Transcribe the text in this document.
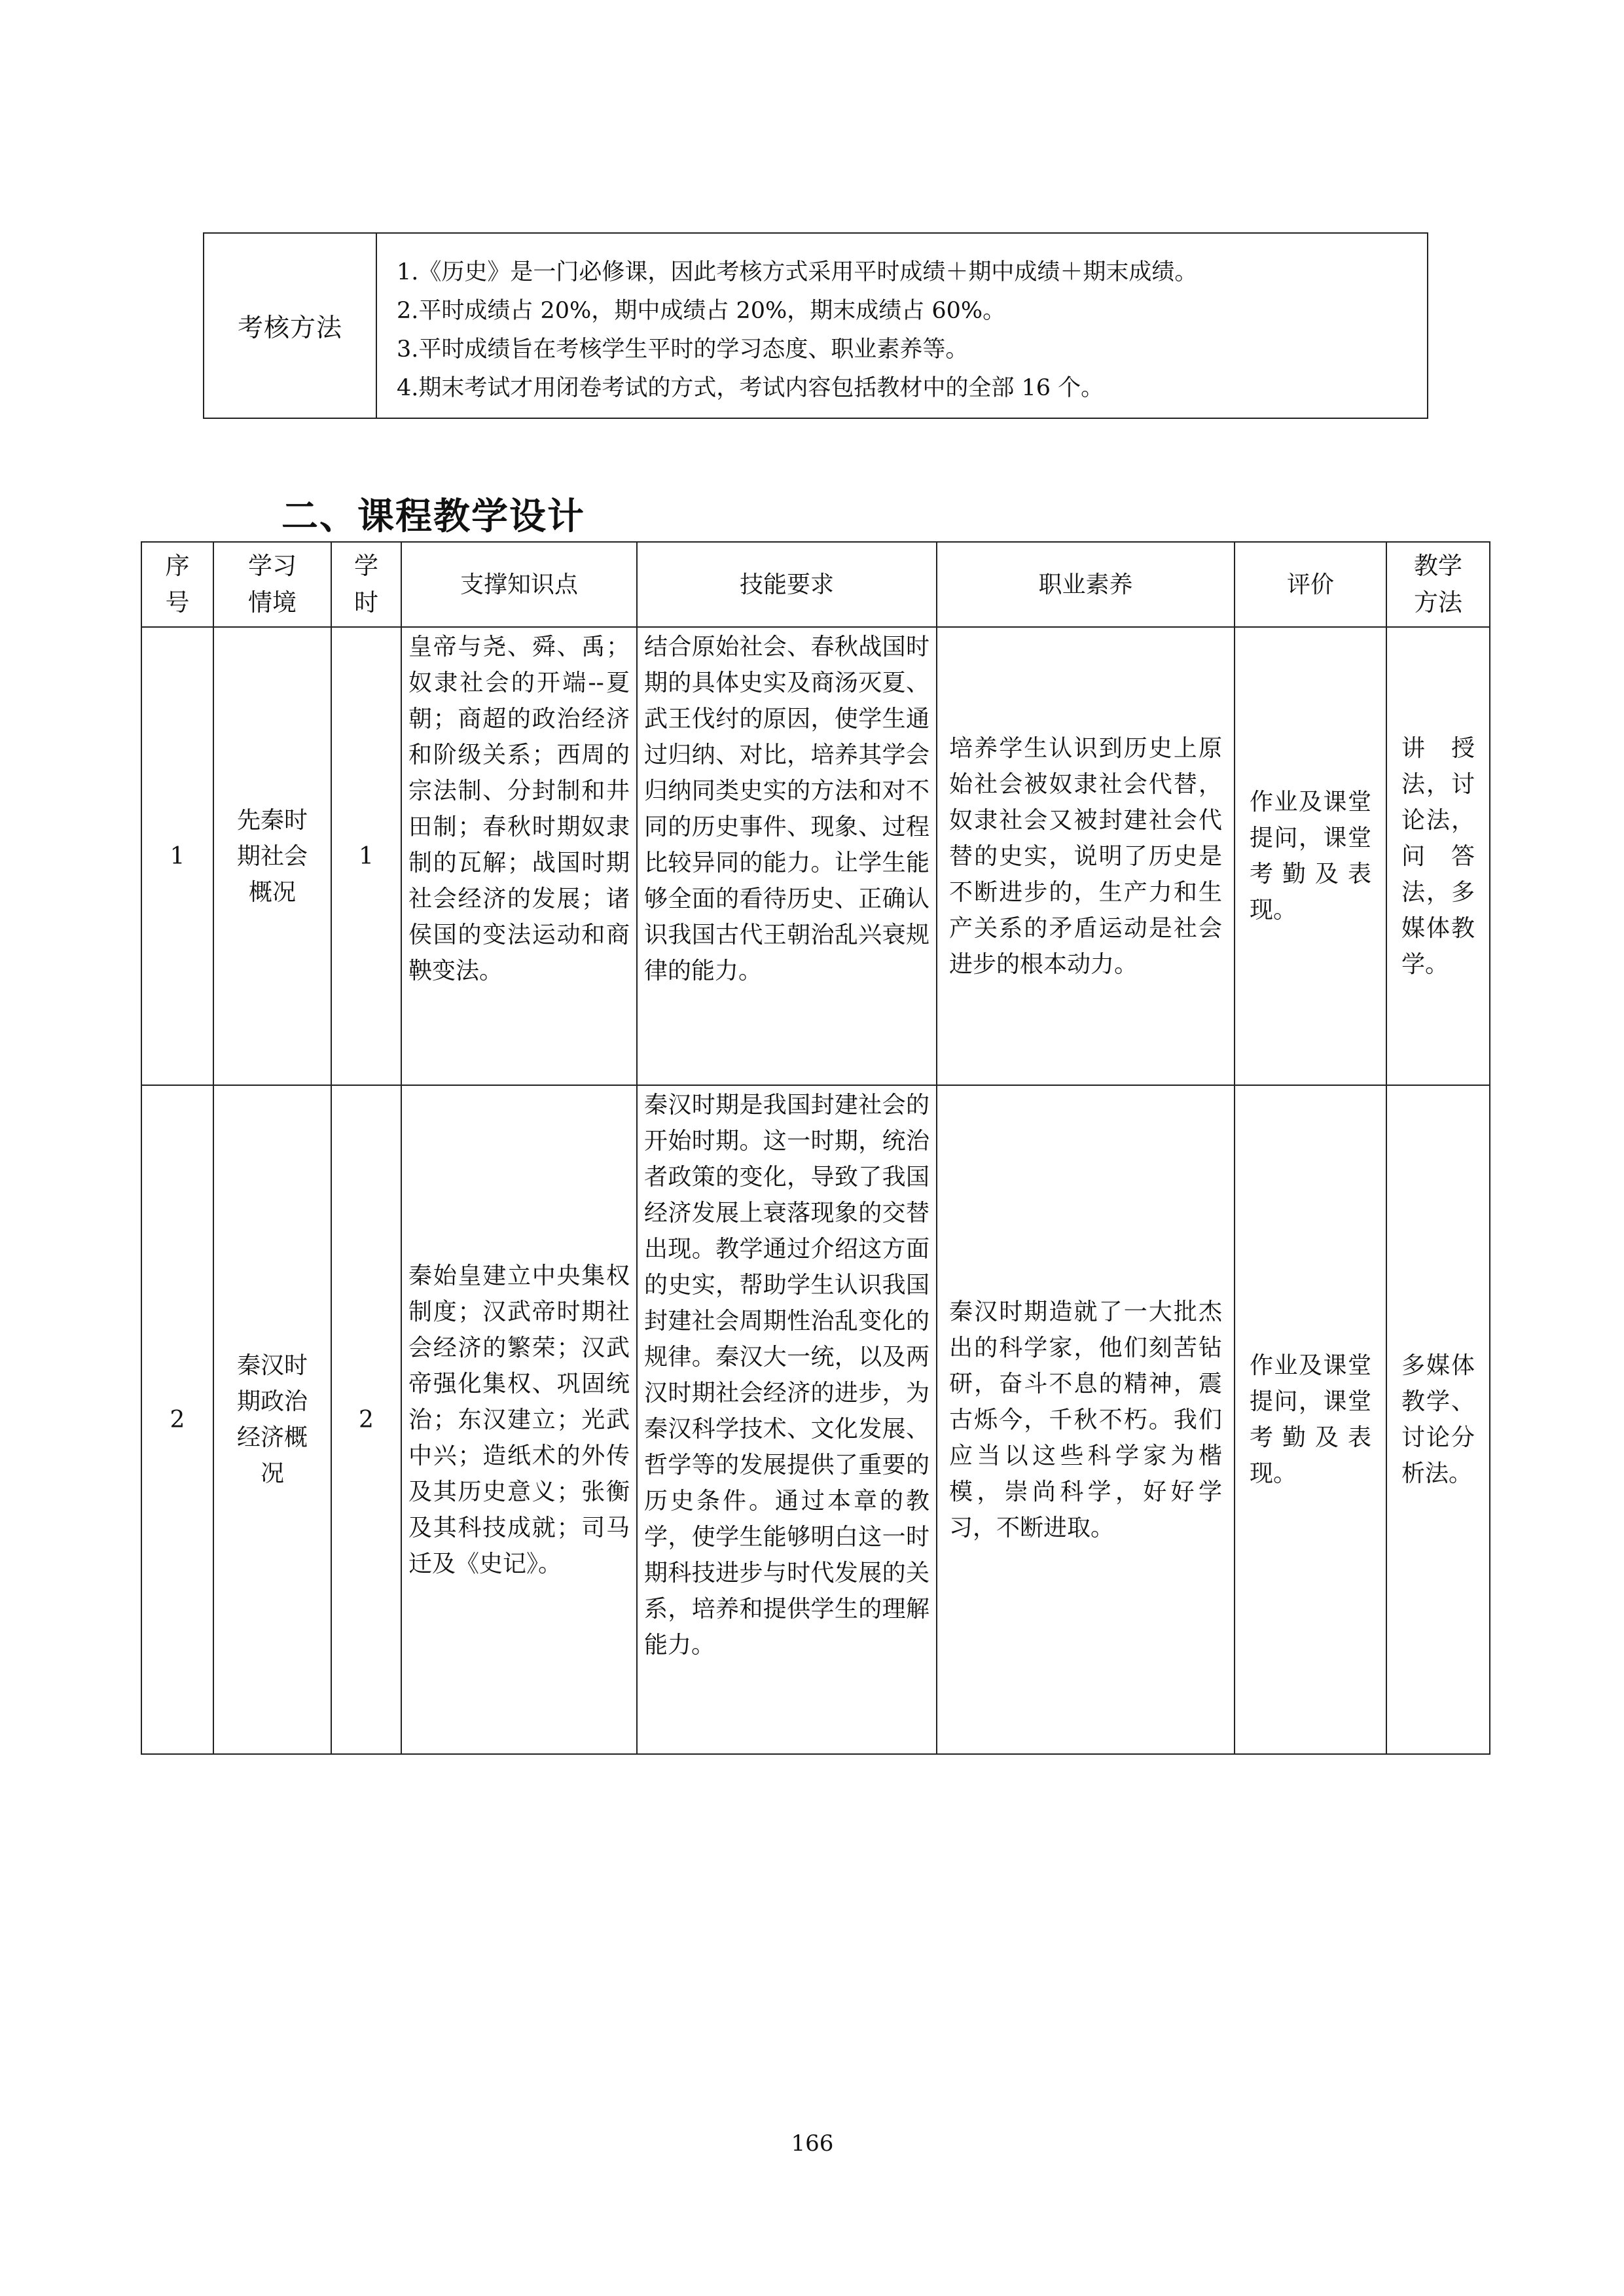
考核方法
1.《历史》是一门必修课，因此考核方式采用平时成绩＋期中成绩＋期末成绩。
2.平时成绩占 20%，期中成绩占 20%，期末成绩占 60%。
3.平时成绩旨在考核学生平时的学习态度、职业素养等。
4.期末考试才用闭卷考试的方式，考试内容包括教材中的全部 16 个。
二、课程教学设计
序号	学习情境	学时	支撑知识点	技能要求	职业素养	评价	教学方法

1	先秦时期社会概况	1	皇帝与尧、舜、禹；奴隶社会的开端--夏朝；商超的政治经济和阶级关系；西周的宗法制、分封制和井田制；春秋时期奴隶制的瓦解；战国时期社会经济的发展；诸侯国的变法运动和商鞅变法。	结合原始社会、春秋战国时期的具体史实及商汤灭夏、武王伐纣的原因，使学生通过归纳、对比，培养其学会归纳同类史实的方法和对不同的历史事件、现象、过程比较异同的能力。让学生能够全面的看待历史、正确认识我国古代王朝治乱兴衰规律的能力。	培养学生认识到历史上原始社会被奴隶社会代替，奴隶社会又被封建社会代替的史实，说明了历史是不断进步的，生产力和生产关系的矛盾运动是社会进步的根本动力。	作业及课堂提问，课堂考勤及表现。	讲授法，讨论法，问答法，多媒体教学。
2	秦汉时期政治经济概况	2	秦始皇建立中央集权制度；汉武帝时期社会经济的繁荣；汉武帝强化集权、巩固统治；东汉建立；光武中兴；造纸术的外传及其历史意义；张衡及其科技成就；司马迁及《史记》。	秦汉时期是我国封建社会的开始时期。这一时期，统治者政策的变化，导致了我国经济发展上衰落现象的交替出现。教学通过介绍这方面的史实，帮助学生认识我国封建社会周期性治乱变化的规律。秦汉大一统，以及两汉时期社会经济的进步，为秦汉科学技术、文化发展、哲学等的发展提供了重要的历史条件。通过本章的教学，使学生能够明白这一时期科技进步与时代发展的关系，培养和提供学生的理解能力。	秦汉时期造就了一大批杰出的科学家，他们刻苦钻研，奋斗不息的精神，震古烁今，千秋不朽。我们应当以这些科学家为楷模，崇尚科学，好好学习，不断进取。	作业及课堂提问，课堂考勤及表现。	多媒体教学、讨论分析法。
166
